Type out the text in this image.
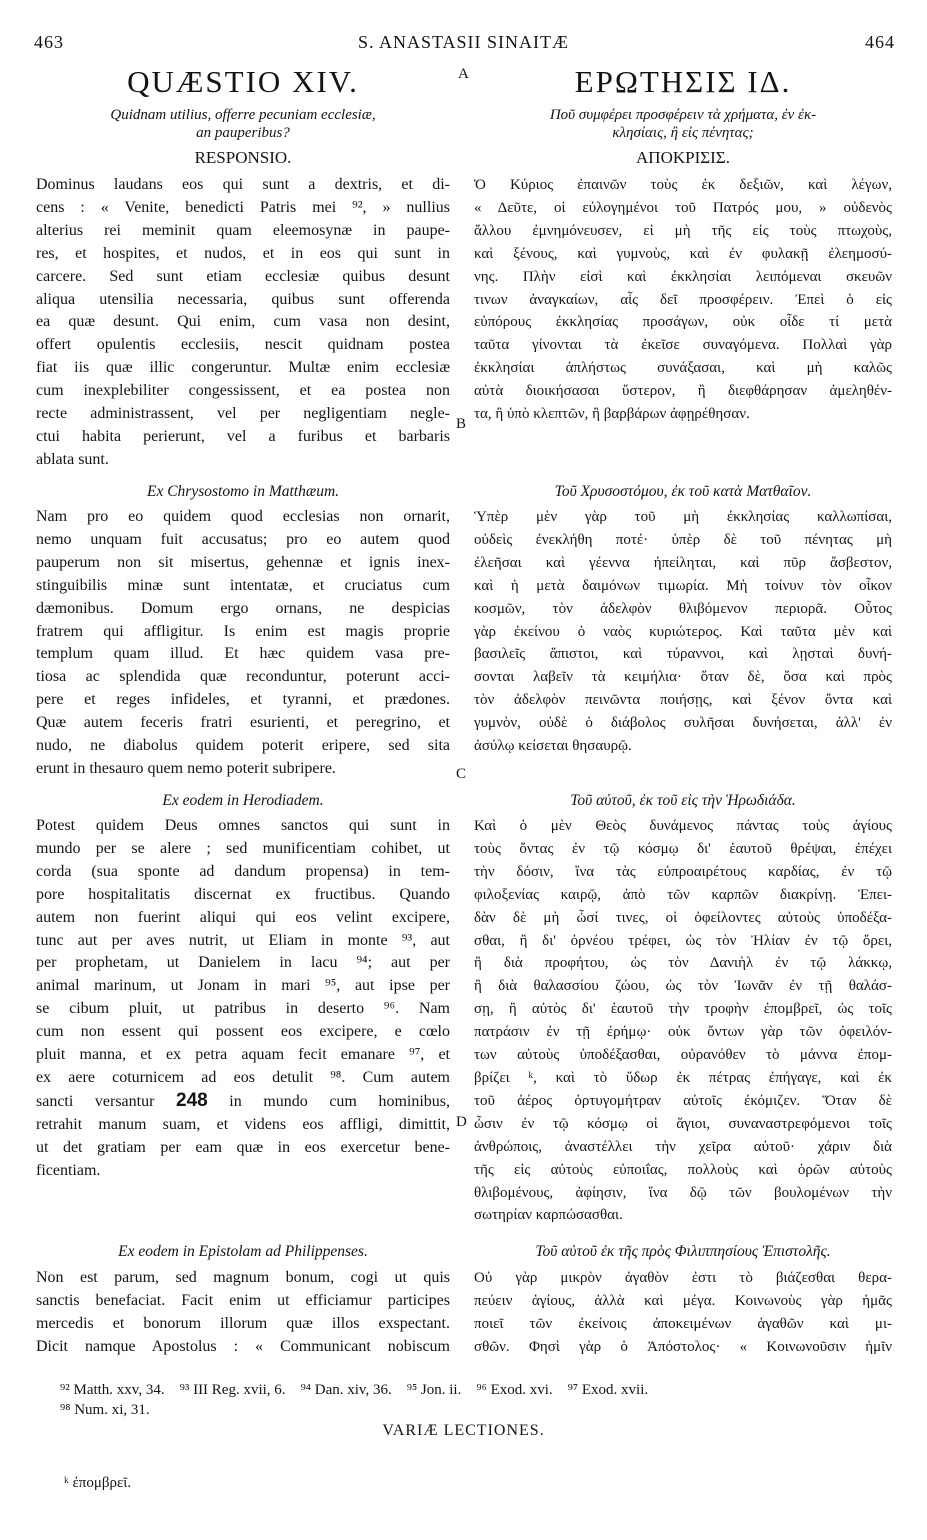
463	S. ANASTASII SINAITÆ	464
QUÆSTIO XIV.
Quidnam utilius, offerre pecuniam ecclesiæ,
an pauperibus?
RESPONSIO.
Dominus laudans eos qui sunt a dextris, et di-
cens : « Venite, benedicti Patris mei ⁹², » nullius
alterius rei meminit quam eleemosynæ in paupe-
res, et hospites, et nudos, et in eos qui sunt in
carcere. Sed sunt etiam ecclesiæ quibus desunt
aliqua utensilia necessaria, quibus sunt offerenda
ea quæ desunt. Qui enim, cum vasa non desint,
offert opulentis ecclesiis, nescit quidnam postea
fiat iis quæ illic congeruntur. Multæ enim ecclesiæ
cum inexplebiliter congessissent, et ea postea non
recte administrassent, vel per negligentiam negle-
ctui habita perierunt, vel a furibus et barbaris
ablata sunt.
Ex Chrysostomo in Matthæum.
Nam pro eo quidem quod ecclesias non ornarit,
nemo unquam fuit accusatus; pro eo autem quod
pauperum non sit misertus, gehennæ et ignis inex-
stinguibilis minæ sunt intentatæ, et cruciatus cum
dæmonibus. Domum ergo ornans, ne despicias
fratrem qui affligitur. Is enim est magis proprie
templum quam illud. Et hæc quidem vasa pre-
tiosa ac splendida quæ reconduntur, poterunt acci-
pere et reges infideles, et tyranni, et prædones.
Quæ autem feceris fratri esurienti, et peregrino, et
nudo, ne diabolus quidem poterit eripere, sed sita
erunt in thesauro quem nemo poterit subripere.
Ex eodem in Herodiadem.
Potest quidem Deus omnes sanctos qui sunt in
mundo per se alere ; sed munificentiam cohibet, ut
corda (sua sponte ad dandum propensa) in tem-
pore hospitalitatis discernat ex fructibus. Quando
autem non fuerint aliqui qui eos velint excipere,
tunc aut per aves nutrit, ut Eliam in monte ⁹³, aut
per prophetam, ut Danielem in lacu ⁹⁴; aut per
animal marinum, ut Jonam in mari ⁹⁵, aut ipse per
se cibum pluit, ut patribus in deserto ⁹⁶. Nam
cum non essent qui possent eos excipere, e cœlo
pluit manna, et ex petra aquam fecit emanare ⁹⁷, et
ex aere coturnicem ad eos detulit ⁹⁸. Cum autem
sancti versantur 248 in mundo cum hominibus,
retrahit manum suam, et videns eos affligi, dimittit,
ut det gratiam per eam quæ in eos exercetur bene-
ficentiam.
Ex eodem in Epistolam ad Philippenses.
Non est parum, sed magnum bonum, cogi ut quis
sanctis benefaciat. Facit enim ut efficiamur participes
mercedis et bonorum illorum quæ illos exspectant.
Dicit namque Apostolus : « Communicant nobiscum
A
B
C
D
ΕΡΩΤΗΣΙΣ ΙΔ.
Ποῦ συμφέρει προσφέρειν τὰ χρήματα, ἐν ἐκ-
κλησίαις, ἢ εἰς πένητας;
ΑΠΟΚΡΙΣΙΣ.
Ὁ Κύριος ἐπαινῶν τοὺς ἐκ δεξιῶν, καὶ λέγων,
« Δεῦτε, οἱ εὐλογημένοι τοῦ Πατρός μου, » οὐδενὸς
ἄλλου ἐμνημόνευσεν, εἰ μὴ τῆς εἰς τοὺς πτωχοὺς,
καὶ ξένους, καὶ γυμνοὺς, καὶ ἐν φυλακῇ ἐλεημοσύ-
νης. Πλὴν εἰσὶ καὶ ἐκκλησίαι λειπόμεναι σκευῶν
τινων ἀναγκαίων, αἷς δεῖ προσφέρειν. Ἐπεὶ ὁ εἰς
εὐπόρους ἐκκλησίας προσάγων, οὐκ οἶδε τί μετὰ
ταῦτα γίνονται τὰ ἐκεῖσε συναγόμενα. Πολλαὶ γὰρ
ἐκκλησίαι ἀπλήστως συνάξασαι, καὶ μὴ καλῶς
αὐτὰ διοικήσασαι ὕστερον, ἢ διεφθάρησαν ἀμεληθέν-
τα, ἢ ὑπὸ κλεπτῶν, ἢ βαρβάρων ἀφῃρέθησαν.
Τοῦ Χρυσοστόμου, ἐκ τοῦ κατὰ Ματθαῖον.
Ὑπὲρ μὲν γὰρ τοῦ μὴ ἐκκλησίας καλλωπίσαι,
οὐδεὶς ἐνεκλήθη ποτέ· ὑπὲρ δὲ τοῦ πένητας μὴ
ἐλεῆσαι καὶ γέεννα ἠπείληται, καὶ πῦρ ἄσβεστον,
καὶ ἡ μετὰ δαιμόνων τιμωρία. Μὴ τοίνυν τὸν οἶκον
κοσμῶν, τὸν ἀδελφὸν θλιβόμενον περιορᾶ. Οὗτος
γὰρ ἐκείνου ὁ ναὸς κυριώτερος. Καὶ ταῦτα μὲν καὶ
βασιλεῖς ἄπιστοι, καὶ τύραννοι, καὶ λῃσταὶ δυνή-
σονται λαβεῖν τὰ κειμήλια· ὅταν δὲ, ὅσα καὶ πρὸς
τὸν ἀδελφὸν πεινῶντα ποιήσῃς, καὶ ξένον ὄντα καὶ
γυμνὸν, οὐδὲ ὁ διάβολος συλῆσαι δυνήσεται, ἀλλ' ἐν
ἀσύλῳ κείσεται θησαυρῷ.
Τοῦ αὐτοῦ, ἐκ τοῦ εἰς τὴν Ἡρωδιάδα.
Καὶ ὁ μὲν Θεὸς δυνάμενος πάντας τοὺς ἁγίους
τοὺς ὄντας ἐν τῷ κόσμῳ δι' ἑαυτοῦ θρέψαι, ἐπέχει
τὴν δόσιν, ἵνα τὰς εὐπροαιρέτους καρδίας, ἐν τῷ
φιλοξενίας καιρῷ, ἀπὸ τῶν καρπῶν διακρίνῃ. Ἐπει-
δὰν δὲ μὴ ὦσί τινες, οἱ ὀφείλοντες αὐτοὺς ὑποδέξα-
σθαι, ἢ δι' ὀρνέου τρέφει, ὡς τὸν Ἠλίαν ἐν τῷ ὄρει,
ἢ διὰ προφήτου, ὡς τὸν Δανιὴλ ἐν τῷ λάκκῳ,
ἢ διὰ θαλασσίου ζώου, ὡς τὸν Ἰωνᾶν ἐν τῇ θαλάσ-
σῃ, ἢ αὐτὸς δι' ἑαυτοῦ τὴν τροφὴν ἐπομβρεῖ, ὡς τοῖς
πατράσιν ἐν τῇ ἐρήμῳ· οὐκ ὄντων γὰρ τῶν ὀφειλόν-
των αὐτοὺς ὑποδέξασθαι, οὐρανόθεν τὸ μάννα ἐπομ-
βρίζει ᵏ, καὶ τὸ ὕδωρ ἐκ πέτρας ἐπήγαγε, καὶ ἐκ
τοῦ ἀέρος ὀρτυγομήτραν αὐτοῖς ἐκόμιζεν. Ὅταν δὲ
ὦσιν ἐν τῷ κόσμῳ οἱ ἅγιοι, συναναστρεφόμενοι τοῖς
ἀνθρώποις, ἀναστέλλει τὴν χεῖρα αὐτοῦ· χάριν διὰ
τῆς εἰς αὐτοὺς εὐποιΐας, πολλοὺς καὶ ὁρῶν αὐτοὺς
θλιβομένους, ἀφίησιν, ἵνα δῷ τῶν βουλομένων τὴν
σωτηρίαν καρπώσασθαι.
Τοῦ αὐτοῦ ἐκ τῆς πρὸς Φιλιππησίους Ἐπιστολῆς.
Οὐ γὰρ μικρὸν ἀγαθὸν ἐστι τὸ βιάζεσθαι θερα-
πεύειν ἁγίους, ἀλλὰ καὶ μέγα. Κοινωνοὺς γὰρ ἡμᾶς
ποιεῖ τῶν ἐκείνοις ἀποκειμένων ἀγαθῶν καὶ μι-
σθῶν. Φησὶ γὰρ ὁ Ἀπόστολος· « Κοινωνοῦσιν ἡμῖν
⁹² Matth. xxv, 34. ⁹³ III Reg. xvii, 6. ⁹⁴ Dan. xiv, 36. ⁹⁵ Jon. ii. ⁹⁶ Exod. xvi. ⁹⁷ Exod. xvii.
⁹⁸ Num. xi, 31.
VARIÆ LECTIONES.
ᵏ ἐπομβρεῖ.
